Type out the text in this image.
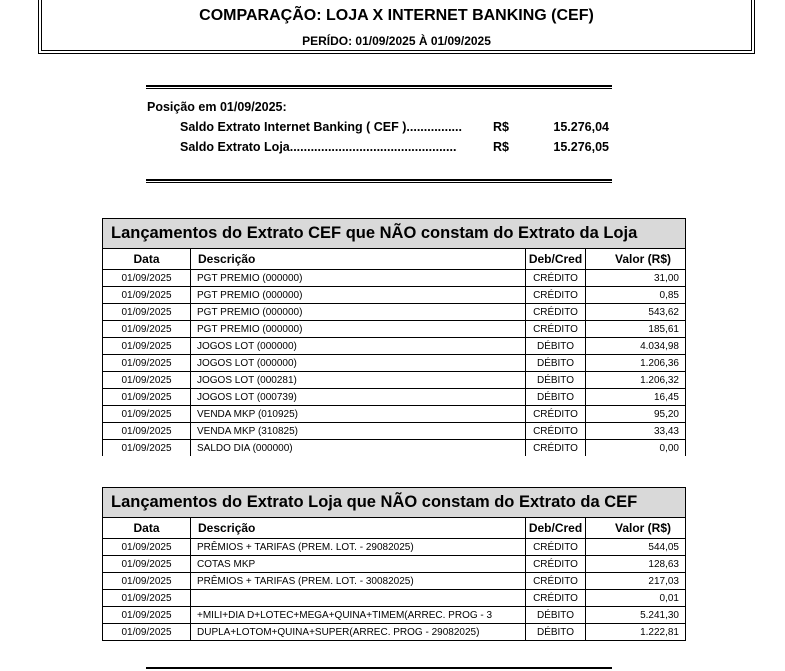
COMPARAÇÃO: LOJA X INTERNET BANKING (CEF)
PERÍDO: 01/09/2025 À 01/09/2025
Posição em 01/09/2025:
Saldo Extrato Internet Banking ( CEF )................ R$	15.276,04
Saldo Extrato Loja................................................	R$	15.276,05
Lançamentos do Extrato CEF que NÃO constam do Extrato da Loja			
Data	Descrição	Deb/Cred	Valor (R$)
01/09/2025	PGT PREMIO (000000)	CRÉDITO	31,00
01/09/2025	PGT PREMIO (000000)	CRÉDITO	0,85
01/09/2025	PGT PREMIO (000000)	CRÉDITO	543,62
01/09/2025	PGT PREMIO (000000)	CRÉDITO	185,61
01/09/2025	JOGOS LOT (000000)	DÉBITO	4.034,98
01/09/2025	JOGOS LOT (000000)	DÉBITO	1.206,36
01/09/2025	JOGOS LOT (000281)	DÉBITO	1.206,32
01/09/2025	JOGOS LOT (000739)	DÉBITO	16,45
01/09/2025	VENDA MKP (010925)	CRÉDITO	95,20
01/09/2025	VENDA MKP (310825)	CRÉDITO	33,43
01/09/2025	SALDO DIA (000000)	CRÉDITO	0,00
Lançamentos do Extrato Loja que NÃO constam do Extrato da CEF			
Data	Descrição	Deb/Cred	Valor (R$)
01/09/2025	PRÊMIOS + TARIFAS (PREM. LOT. - 29082025)	CRÉDITO	544,05
01/09/2025	COTAS MKP	CRÉDITO	128,63
01/09/2025	PRÊMIOS + TARIFAS (PREM. LOT. - 30082025)	CRÉDITO	217,03
01/09/2025		CRÉDITO	0,01
01/09/2025	+MILI+DIA D+LOTEC+MEGA+QUINA+TIMEM(ARREC. PROG - 3	DÉBITO	5.241,30
01/09/2025	DUPLA+LOTOM+QUINA+SUPER(ARREC. PROG - 29082025)	DÉBITO	1.222,81
